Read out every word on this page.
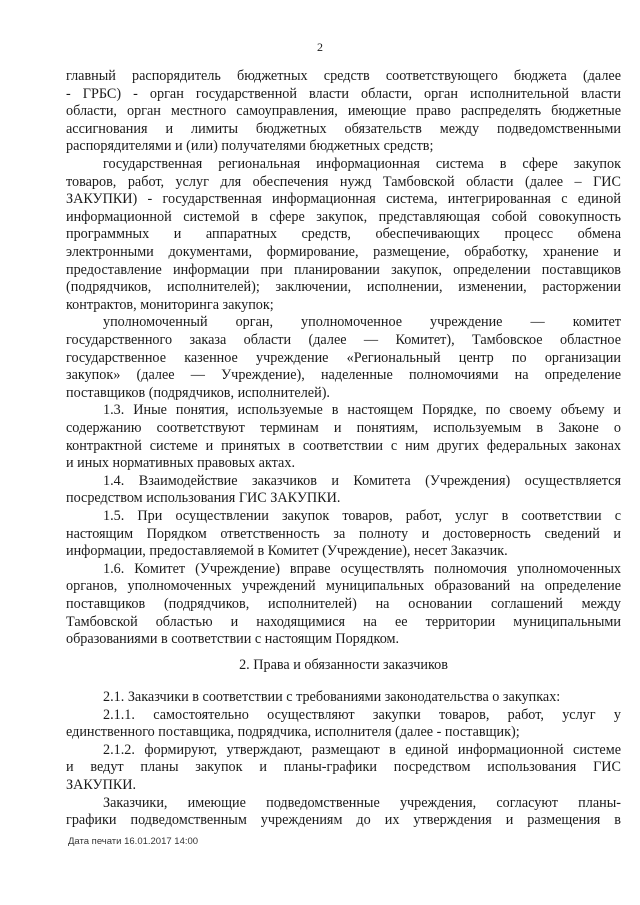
2
главный распорядитель бюджетных средств соответствующего бюджета (далее
- ГРБС) - орган государственной власти области, орган исполнительной власти
области, орган местного самоуправления, имеющие право распределять бюджетные
ассигнования и лимиты бюджетных обязательств между подведомственными
распорядителями и (или) получателями бюджетных средств;
государственная региональная информационная система в сфере закупок
товаров, работ, услуг для обеспечения нужд Тамбовской области (далее – ГИС
ЗАКУПКИ) - государственная информационная система, интегрированная с единой
информационной системой в сфере закупок, представляющая собой совокупность
программных и аппаратных средств, обеспечивающих процесс обмена
электронными документами, формирование, размещение, обработку, хранение и
предоставление информации при планировании закупок, определении поставщиков
(подрядчиков, исполнителей); заключении, исполнении, изменении, расторжении
контрактов, мониторинга закупок;
уполномоченный орган, уполномоченное учреждение — комитет
государственного заказа области (далее — Комитет), Тамбовское областное
государственное казенное учреждение «Региональный центр по организации
закупок» (далее — Учреждение), наделенные полномочиями на определение
поставщиков (подрядчиков, исполнителей).
1.3. Иные понятия, используемые в настоящем Порядке, по своему объему и
содержанию соответствуют терминам и понятиям, используемым в Законе о
контрактной системе и принятых в соответствии с ним других федеральных законах
и иных нормативных правовых актах.
1.4. Взаимодействие заказчиков и Комитета (Учреждения) осуществляется
посредством использования ГИС ЗАКУПКИ.
1.5. При осуществлении закупок товаров, работ, услуг в соответствии с
настоящим Порядком ответственность за полноту и достоверность сведений и
информации, предоставляемой в Комитет (Учреждение), несет Заказчик.
1.6. Комитет (Учреждение) вправе осуществлять полномочия уполномоченных
органов, уполномоченных учреждений муниципальных образований на определение
поставщиков (подрядчиков, исполнителей) на основании соглашений между
Тамбовской областью и находящимися на ее территории муниципальными
образованиями в соответствии с настоящим Порядком.
2. Права и обязанности заказчиков
2.1. Заказчики в соответствии с требованиями законодательства о закупках:
2.1.1. самостоятельно осуществляют закупки товаров, работ, услуг у
единственного поставщика, подрядчика, исполнителя (далее - поставщик);
2.1.2. формируют, утверждают, размещают в единой информационной системе
и ведут планы закупок и планы-графики посредством использования ГИС
ЗАКУПКИ.
Заказчики, имеющие подведомственные учреждения, согласуют планы-
графики подведомственным учреждениям до их утверждения и размещения в
Дата печати 16.01.2017 14:00
